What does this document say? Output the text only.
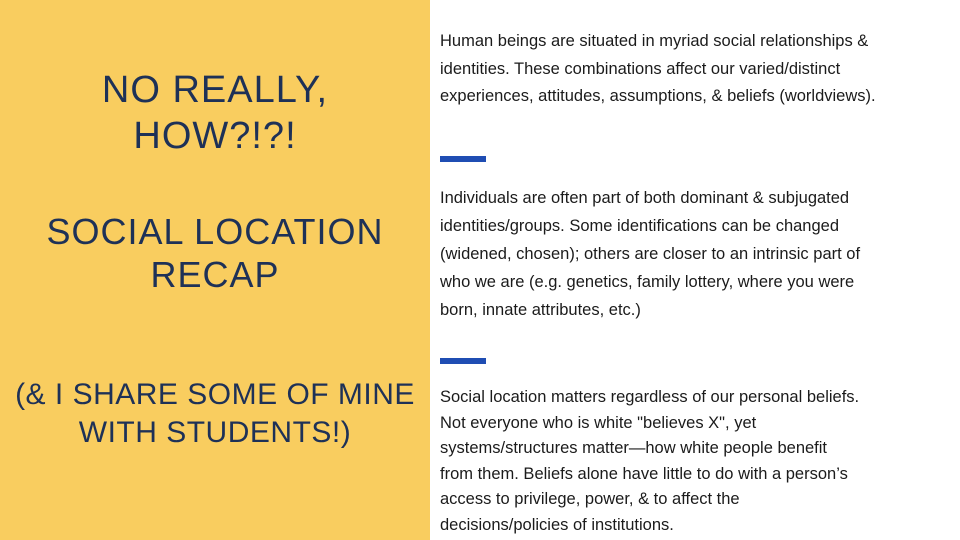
NO REALLY,
HOW?!?!
SOCIAL LOCATION
RECAP
(& I SHARE SOME OF MINE
WITH STUDENTS!)

Human beings are situated in myriad social relationships &
identities. These combinations affect our varied/distinct
experiences, attitudes, assumptions, & beliefs (worldviews).

Individuals are often part of both dominant & subjugated
identities/groups. Some identifications can be changed
(widened, chosen); others are closer to an intrinsic part of
who we are (e.g. genetics, family lottery, where you were
born, innate attributes, etc.)

Social location matters regardless of our personal beliefs.
Not everyone who is white "believes X", yet
systems/structures matter—how white people benefit
from them. Beliefs alone have little to do with a person’s
access to privilege, power, & to affect the
decisions/policies of institutions.
